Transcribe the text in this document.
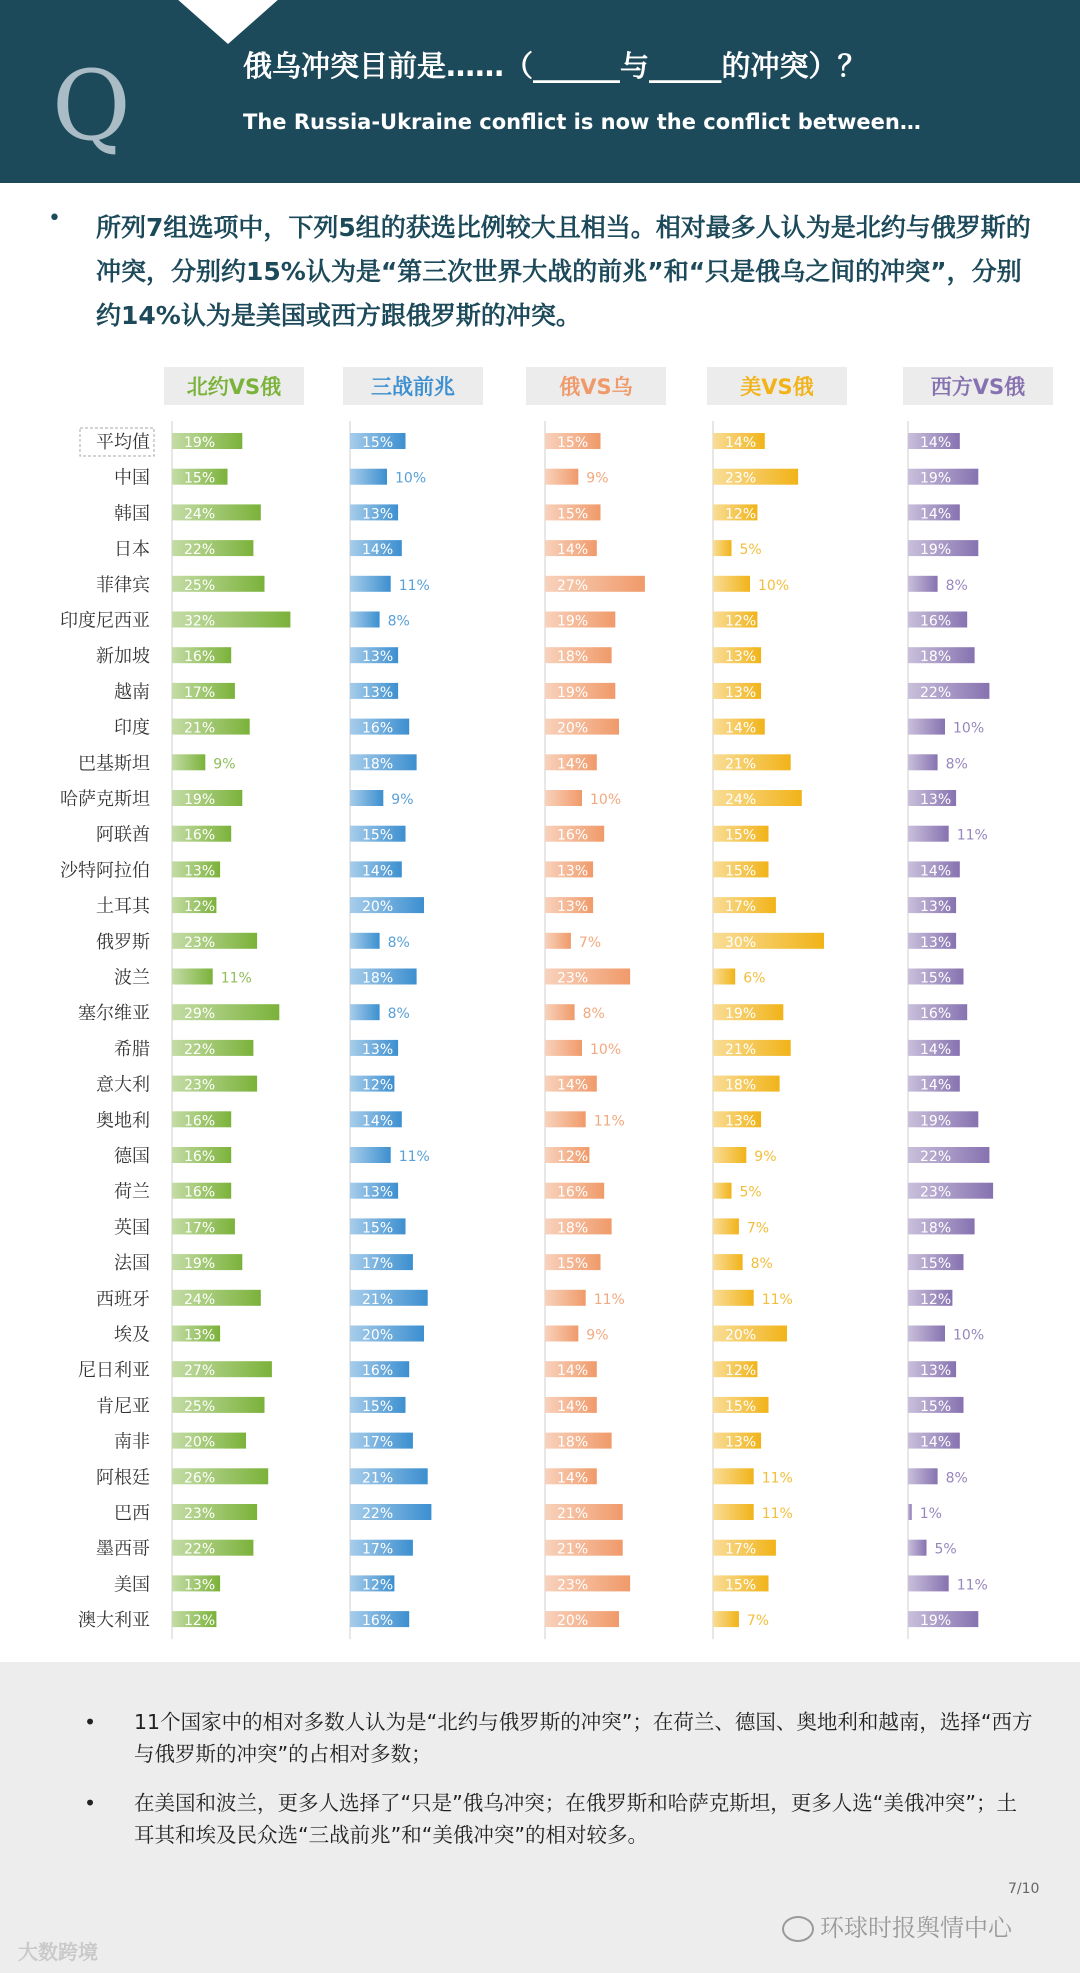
Q	俄乌冲突目前是……（______与_____的冲突）？
The Russia-Ukraine conflict is now the conflict between…
• 所列7组选项中，下列5组的获选比例较大且相当。相对最多人认为是北约与俄罗斯的冲突，分别约15%认为是“第三次世界大战的前兆”和“只是俄乌之间的冲突”，分别约14%认为是美国或西方跟俄罗斯的冲突。
平均值
中国
韩国
日本
菲律宾
印度尼西亚
新加坡
越南
印度
巴基斯坦
哈萨克斯坦
阿联酋
沙特阿拉伯
土耳其
俄罗斯
波兰
塞尔维亚
希腊
意大利
奥地利
德国
荷兰
英国
法国
西班牙
埃及
尼日利亚
肯尼亚
南非
阿根廷
巴西
墨西哥
美国
澳大利亚
北约VS俄
19%
15%
24%
22%
25%
32%
16%
17%
21%
9%
19%
16%
13%
12%
23%
11%
29%
22%
23%
16%
16%
16%
17%
19%
24%
13%
27%
25%
20%
26%
23%
22%
13%
12%
三战前兆
15%
10%
13%
14%
11%
8%
13%
13%
16%
18%
9%
15%
14%
20%
8%
18%
8%
13%
12%
14%
11%
13%
15%
17%
21%
20%
16%
15%
17%
21%
22%
17%
12%
16%
俄VS乌
15%
9%
15%
14%
27%
19%
18%
19%
20%
14%
10%
16%
13%
13%
7%
23%
8%
10%
14%
11%
12%
16%
18%
15%
11%
9%
14%
14%
18%
14%
21%
21%
23%
20%
美VS俄
14%
23%
12%
5%
10%
12%
13%
13%
14%
21%
24%
15%
15%
17%
30%
6%
19%
21%
18%
13%
9%
5%
7%
8%
11%
20%
12%
15%
13%
11%
11%
17%
15%
7%
西方VS俄
14%
19%
14%
19%
8%
16%
18%
22%
10%
8%
13%
11%
14%
13%
13%
15%
16%
14%
14%
19%
22%
23%
18%
15%
12%
10%
13%
15%
14%
8%
1%
5%
11%
19%
• 11个国家中的相对多数人认为是“北约与俄罗斯的冲突”；在荷兰、德国、奥地利和越南，选择“西方与俄罗斯的冲突”的占相对多数；
• 在美国和波兰，更多人选择了“只是”俄乌冲突；在俄罗斯和哈萨克斯坦，更多人选“美俄冲突”；土耳其和埃及民众选“三战前兆”和“美俄冲突”的相对较多。
7/10
大数跨境
环球时报舆情中心
